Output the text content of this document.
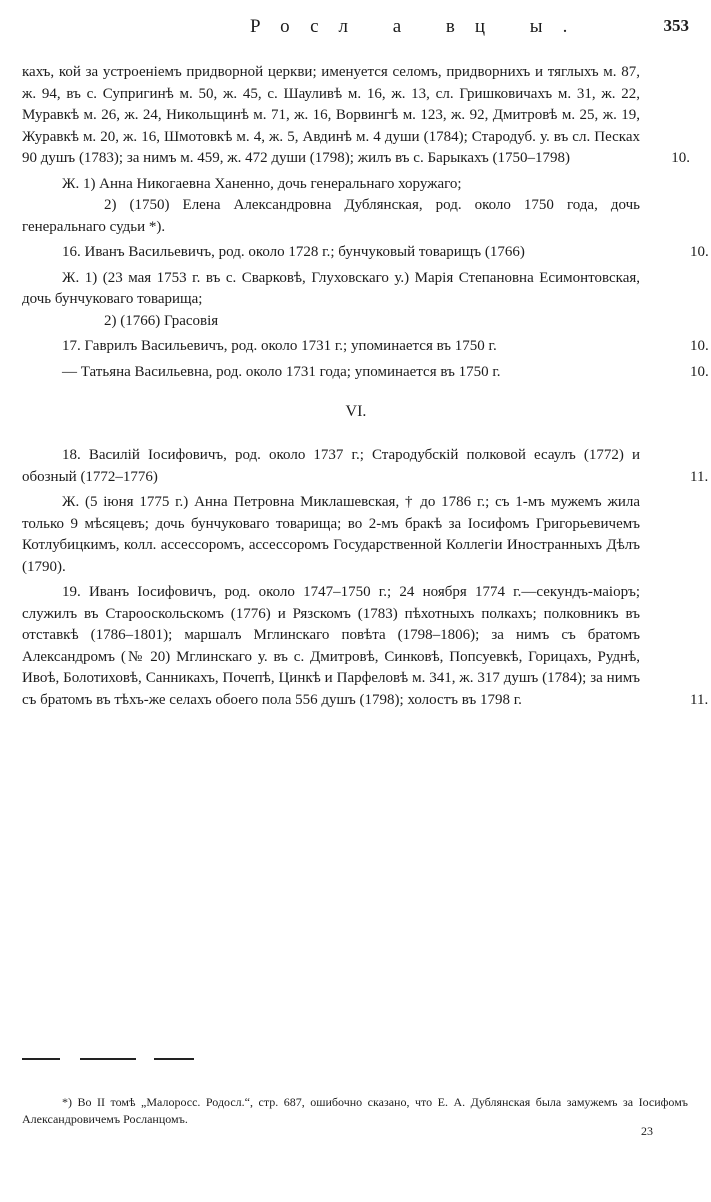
Росл а вц ы.	353

кахъ, кой за устроеніемъ придворной церкви; именуется селомъ, придворнихъ и тяглыхъ м. 87, ж. 94, въ с. Супригинѣ м. 50, ж. 45, с. Шауливѣ м. 16, ж. 13, сл. Гришковичахъ м. 31, ж. 22, Муравкѣ м. 26, ж. 24, Никольщинѣ м. 71, ж. 16, Ворвингѣ м. 123, ж. 92, Дмитровѣ м. 25, ж. 19, Журавкѣ м. 20, ж. 16, Шмотовкѣ м. 4, ж. 5, Авдинѣ м. 4 души (1784); Стародуб. у. въ сл. Песках 90 душъ (1783); за нимъ м. 459, ж. 472 души (1798); жилъ въ с. Барыкахъ (1750–1798)	10.

Ж. 1) Анна Никогаевна Ханенно, дочь генеральнаго хоружаго;

2) (1750) Елена Александровна Дублянская, род. около 1750 года, дочь генеральнаго судьи *).

16. Иванъ Васильевичъ, род. около 1728 г.; бунчуковый товарищъ (1766)	10.

Ж. 1) (23 мая 1753 г. въ с. Сварковѣ, Глуховскаго у.) Марія Степановна Есимонтовская, дочь бунчуковаго товарища;

2) (1766) Грасовія

17. Гаврилъ Васильевичъ, род. около 1731 г.; упоминается въ 1750 г.	10.

— Татьяна Васильевна, род. около 1731 года; упоминается въ 1750 г.	10.

VI.

18. Василій Іосифовичъ, род. около 1737 г.; Стародубскій полковой есаулъ (1772) и обозный (1772–1776)	11.

Ж. (5 іюня 1775 г.) Анна Петровна Миклашевская, † до 1786 г.; съ 1-мъ мужемъ жила только 9 мѣсяцевъ; дочь бунчуковаго товарища; во 2-мъ бракѣ за Іосифомъ Григорьевичемъ Котлубицкимъ, колл. ассессоромъ, ассессоромъ Государственной Коллегіи Иностранныхъ Дѣлъ (1790).

19. Иванъ Іосифовичъ, род. около 1747–1750 г.; 24 ноября 1774 г.—секундъ-маіоръ; служилъ въ Старооскольскомъ (1776) и Рязскомъ (1783) пѣхотныхъ полкахъ; полковникъ въ отставкѣ (1786–1801); маршалъ Мглинскаго повѣта (1798–1806); за нимъ съ братомъ Александромъ (№ 20) Мглинскаго у. въ с. Дмитровѣ, Синковѣ, Попсуевкѣ, Горицахъ, Руднѣ, Ивоѣ, Болотиховѣ, Санникахъ, Почепѣ, Цинкѣ и Парфеловѣ м. 341, ж. 317 душъ (1784); за нимъ съ братомъ въ тѣхъ-же селахъ обоего пола 556 душъ (1798); холостъ въ 1798 г.	11.

*) Во II томѣ „Малоросс. Родосл.“, стр. 687, ошибочно сказано, что Е. А. Дублянская была замужемъ за Іосифомъ Александровичемъ Росланцомъ.

23
